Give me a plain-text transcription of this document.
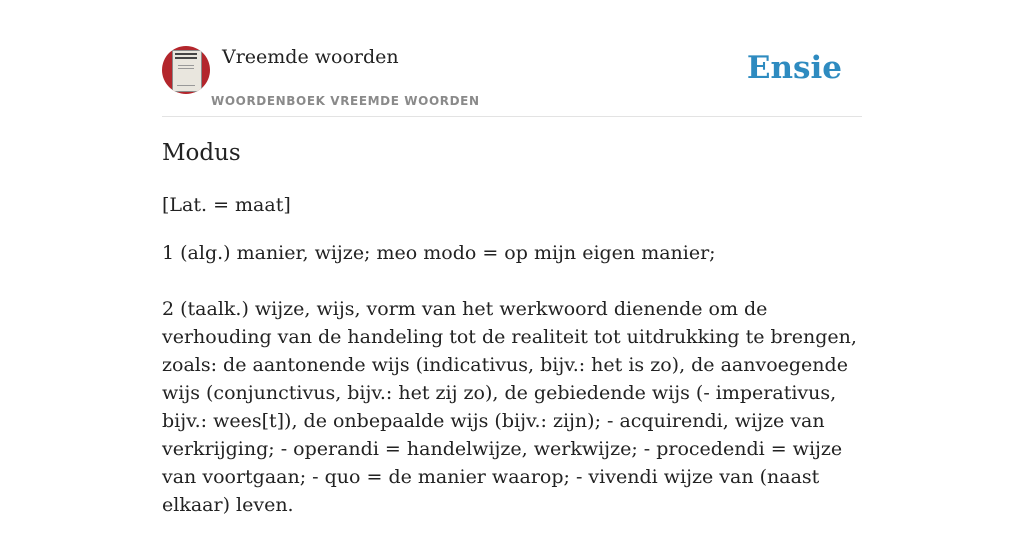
Vreemde woorden
WOORDENBOEK VREEMDE WOORDEN
Ensie
Modus
[Lat. = maat]

1 (alg.) manier, wijze; meo modo = op mijn eigen manier;

2 (taalk.) wijze, wijs, vorm van het werkwoord dienende om de verhouding van de handeling tot de realiteit tot uitdrukking te brengen, zoals: de aantonende wijs (indicativus, bijv.: het is zo), de aanvoegende wijs (conjunctivus, bijv.: het zij zo), de gebiedende wijs (- imperativus, bijv.: wees[t]), de onbepaalde wijs (bijv.: zijn); - acquirendi, wijze van verkrijging; - operandi = handelwijze, werkwijze; - procedendi = wijze van voortgaan; - quo = de manier waarop; - vivendi wijze van (naast elkaar) leven.
